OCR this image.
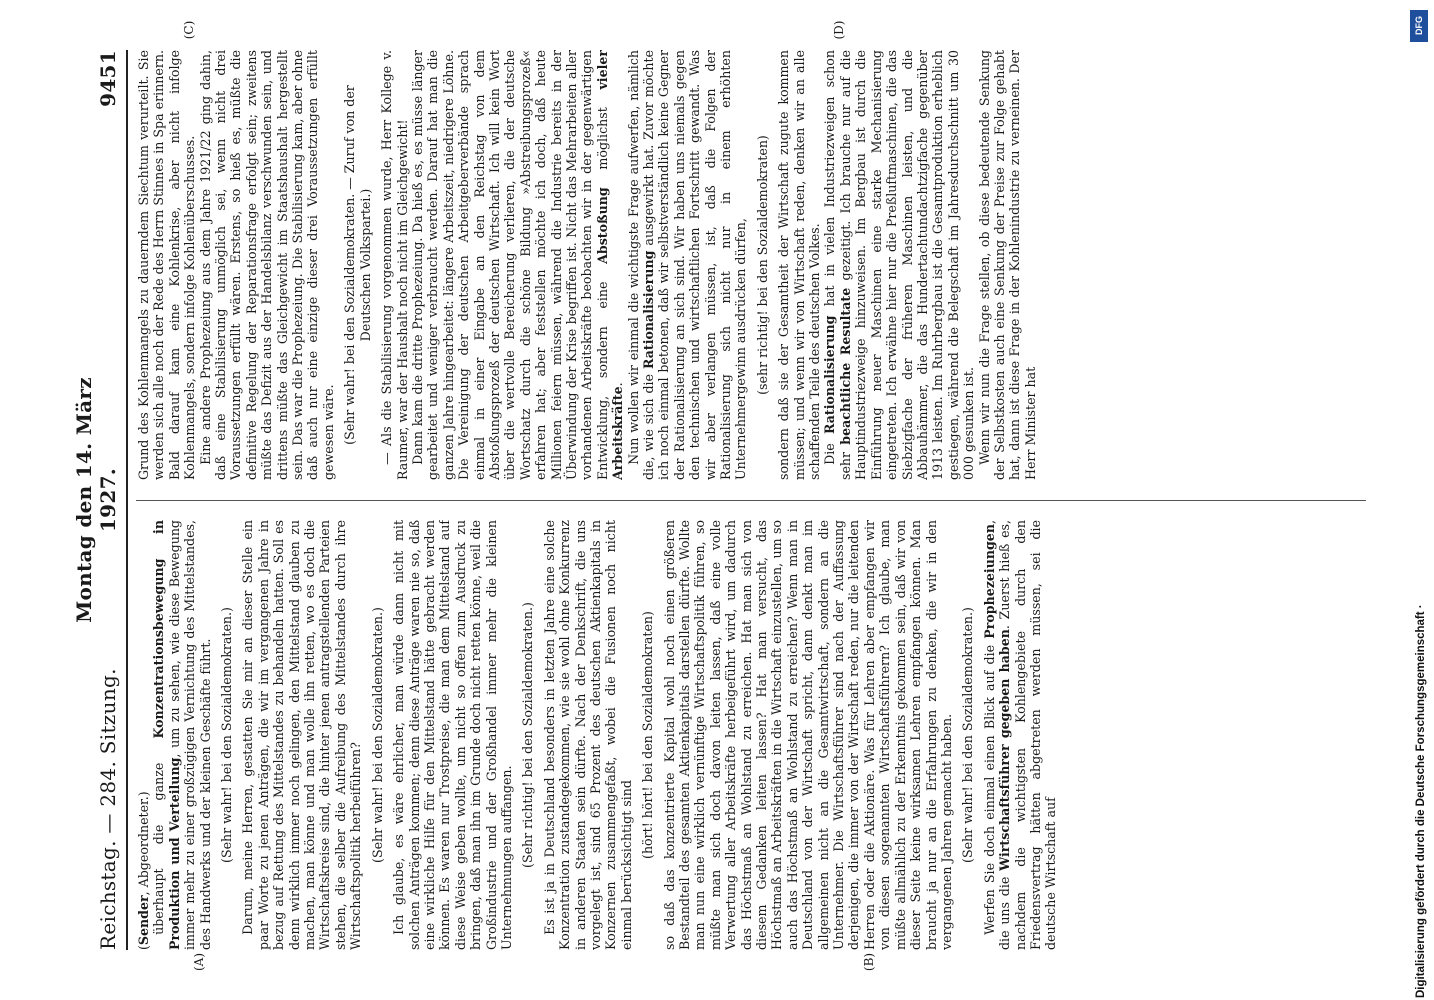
Reichstag. — 284. Sitzung.
Montag den 14. März 1927.
9451
(A)	(B)
(C)	(D)

(Sender, Abgeordneter.) überhaupt die ganze Konzentrationsbewegung in Produktion und Verteilung, um zu sehen, wie diese Bewegung immer mehr zu einer großzügigen Vernichtung des Mittelstandes, des Handwerks und der kleinen Geschäfte führt. (Sehr wahr! bei den Sozialdemokraten.) Darum, meine Herren, gestatten Sie mir an dieser Stelle ein paar Worte zu jenen Anträgen, die wir im vergangenen Jahre in bezug auf Rettung des Mittelstandes zu behandeln hatten. Soll es denn wirklich immer noch gelingen, den Mittelstand glauben zu machen, man könne und man wolle ihn retten, wo es doch die Wirtschaftskreise sind, die hinter jenen antragstellenden Parteien stehen, die selber die Aufreibung des Mittelstandes durch ihre Wirtschaftspolitik herbeiführen? (Sehr wahr! bei den Sozialdemokraten.) Ich glaube, es wäre ehrlicher, man würde dann nicht mit solchen Anträgen kommen; denn diese Anträge waren nie so, daß eine wirkliche Hilfe für den Mittelstand hätte gebracht werden können. Es waren nur Trostpreise, die man dem Mittelstand auf diese Weise geben wollte, um nicht so offen zum Ausdruck zu bringen, daß man ihn im Grunde doch nicht retten könne, weil die Großindustrie und der Großhandel immer mehr die kleinen Unternehmungen auffangen. (Sehr richtig! bei den Sozialdemokraten.) Es ist ja in Deutschland besonders in letzten Jahre eine solche Konzentration zustandegekommen, wie sie wohl ohne Konkurrenz in anderen Staaten sein dürfte. Nach der Denkschrift, die uns vorgelegt ist, sind 65 Prozent des deutschen Aktienkapitals in Konzernen zusammengefaßt, wobei die Fusionen noch nicht einmal berücksichtigt sind

(hört! hört! bei den Sozialdemokraten) so daß das konzentrierte Kapital wohl noch einen größeren Bestandteil des gesamten Aktienkapitals darstellen dürfte. Wollte man nun eine wirklich vernünftige Wirtschaftspolitik führen, so müßte man sich doch davon leiten lassen, daß eine volle Verwertung aller Arbeitskräfte herbeigeführt wird, um dadurch das Höchstmaß an Wohlstand zu erreichen. Hat man sich von diesem Gedanken leiten lassen? Hat man versucht, das Höchstmaß an Arbeitskräften in die Wirtschaft einzustellen, um so auch das Höchstmaß an Wohlstand zu erreichen? Wenn man in Deutschland von der Wirtschaft spricht, dann denkt man im allgemeinen nicht an die Gesamtwirtschaft, sondern an die Unternehmer. Die Wirtschaftsführer sind nach der Auffassung derjenigen, die immer von der Wirtschaft reden, nur die leitenden Herren oder die Aktionäre. Was für Lehren aber empfangen wir von diesen sogenannten Wirtschaftsführern? Ich glaube, man müßte allmählich zu der Erkenntnis gekommen sein, daß wir von dieser Seite keine wirksamen Lehren empfangen können. Man braucht ja nur an die Erfahrungen zu denken, die wir in den vergangenen Jahren gemacht haben. (Sehr wahr! bei den Sozialdemokraten.) Werfen Sie doch einmal einen Blick auf die Prophezeiungen, die uns die Wirtschaftsführer gegeben haben. Zuerst hieß es, nachdem die wichtigsten Kohlengebiete durch den Friedensvertrag hätten abgetreten werden müssen, sei die deutsche Wirtschaft auf

Grund des Kohlenmangels zu dauerndem Siechtum verurteilt. Sie werden sich alle noch der Rede des Herrn Stinnes in Spa erinnern. Bald darauf kam eine Kohlenkrise, aber nicht infolge Kohlenmangels, sondern infolge Kohlenüberschusses. Eine andere Prophezeiung aus dem Jahre 1921/22 ging dahin, daß eine Stabilisierung unmöglich sei, wenn nicht drei Voraussetzungen erfüllt wären. Erstens, so hieß es, müßte die definitive Regelung der Reparationsfrage erfolgt sein; zweitens müßte das Defizit aus der Handelsbilanz verschwunden sein, und drittens müßte das Gleichgewicht im Staatshaushalt hergestellt sein. Das war die Prophezeiung. Die Stabilisierung kam, aber ohne daß auch nur eine einzige dieser drei Voraussetzungen erfüllt gewesen wäre. (Sehr wahr! bei den Sozialdemokraten. — Zuruf von der Deutschen Volkspartei.) — Als die Stabilisierung vorgenommen wurde, Herr Kollege v. Raumer, war der Haushalt noch nicht im Gleichgewicht! Dann kam die dritte Prophezeiung. Da hieß es, es müsse länger gearbeitet und weniger verbraucht werden. Darauf hat man die ganzen Jahre hingearbeitet: längere Arbeitszeit, niedrigere Löhne. Die Vereinigung der deutschen Arbeitgeberverbände sprach einmal in einer Eingabe an den Reichstag von dem Abstoßungsprozeß der deutschen Wirtschaft. Ich will kein Wort über die wertvolle Bereicherung verlieren, die der deutsche Wortschatz durch die schöne Bildung »Abstreibungsprozeß« erfahren hat; aber feststellen möchte ich doch, daß heute Millionen feiern müssen, während die Industrie bereits in der Überwindung der Krise begriffen ist. Nicht das Mehrarbeiten aller vorhandenen Arbeitskräfte beobachten wir in der gegenwärtigen Entwicklung, sondern eine Abstoßung möglichst vieler Arbeitskräfte. Nun wollen wir einmal die wichtigste Frage aufwerfen, nämlich die, wie sich die Rationalisierung ausgewirkt hat. Zuvor möchte ich noch einmal betonen, daß wir selbstverständlich keine Gegner der Rationalisierung an sich sind. Wir haben uns niemals gegen den technischen und wirtschaftlichen Fortschritt gewandt. Was wir aber verlangen müssen, ist, daß die Folgen der Rationalisierung sich nicht nur in einem erhöhten Unternehmergewinn ausdrücken dürfen, (sehr richtig! bei den Sozialdemokraten) sondern daß sie der Gesamtheit der Wirtschaft zugute kommen müssen; und wenn wir von Wirtschaft reden, denken wir an alle schaffenden Teile des deutschen Volkes. Die Rationalisierung hat in vielen Industriezweigen schon sehr beachtliche Resultate gezeitigt. Ich brauche nur auf die Hauptindustriezweige hinzuweisen. Im Bergbau ist durch die Einführung neuer Maschinen eine starke Mechanisierung eingetreten. Ich erwähne hier nur die Preßluftmaschinen, die das Siebzigfache der früheren Maschinen leisten, und die Abbauhämmer, die das Hundertachtundachtzigfache gegenüber 1913 leisten. Im Ruhrbergbau ist die Gesamtproduktion erheblich gestiegen, während die Belegschaft im Jahresdurchschnitt um 30 000 gesunken ist. Wenn wir nun die Frage stellen, ob diese bedeutende Senkung der Selbstkosten auch eine Senkung der Preise zur Folge gehabt hat, dann ist diese Frage in der Kohlenindustrie zu verneinen. Der Herr Minister hat

Digitalisierung gefördert durch die Deutsche Forschungsgemeinschaft ·
DFG
